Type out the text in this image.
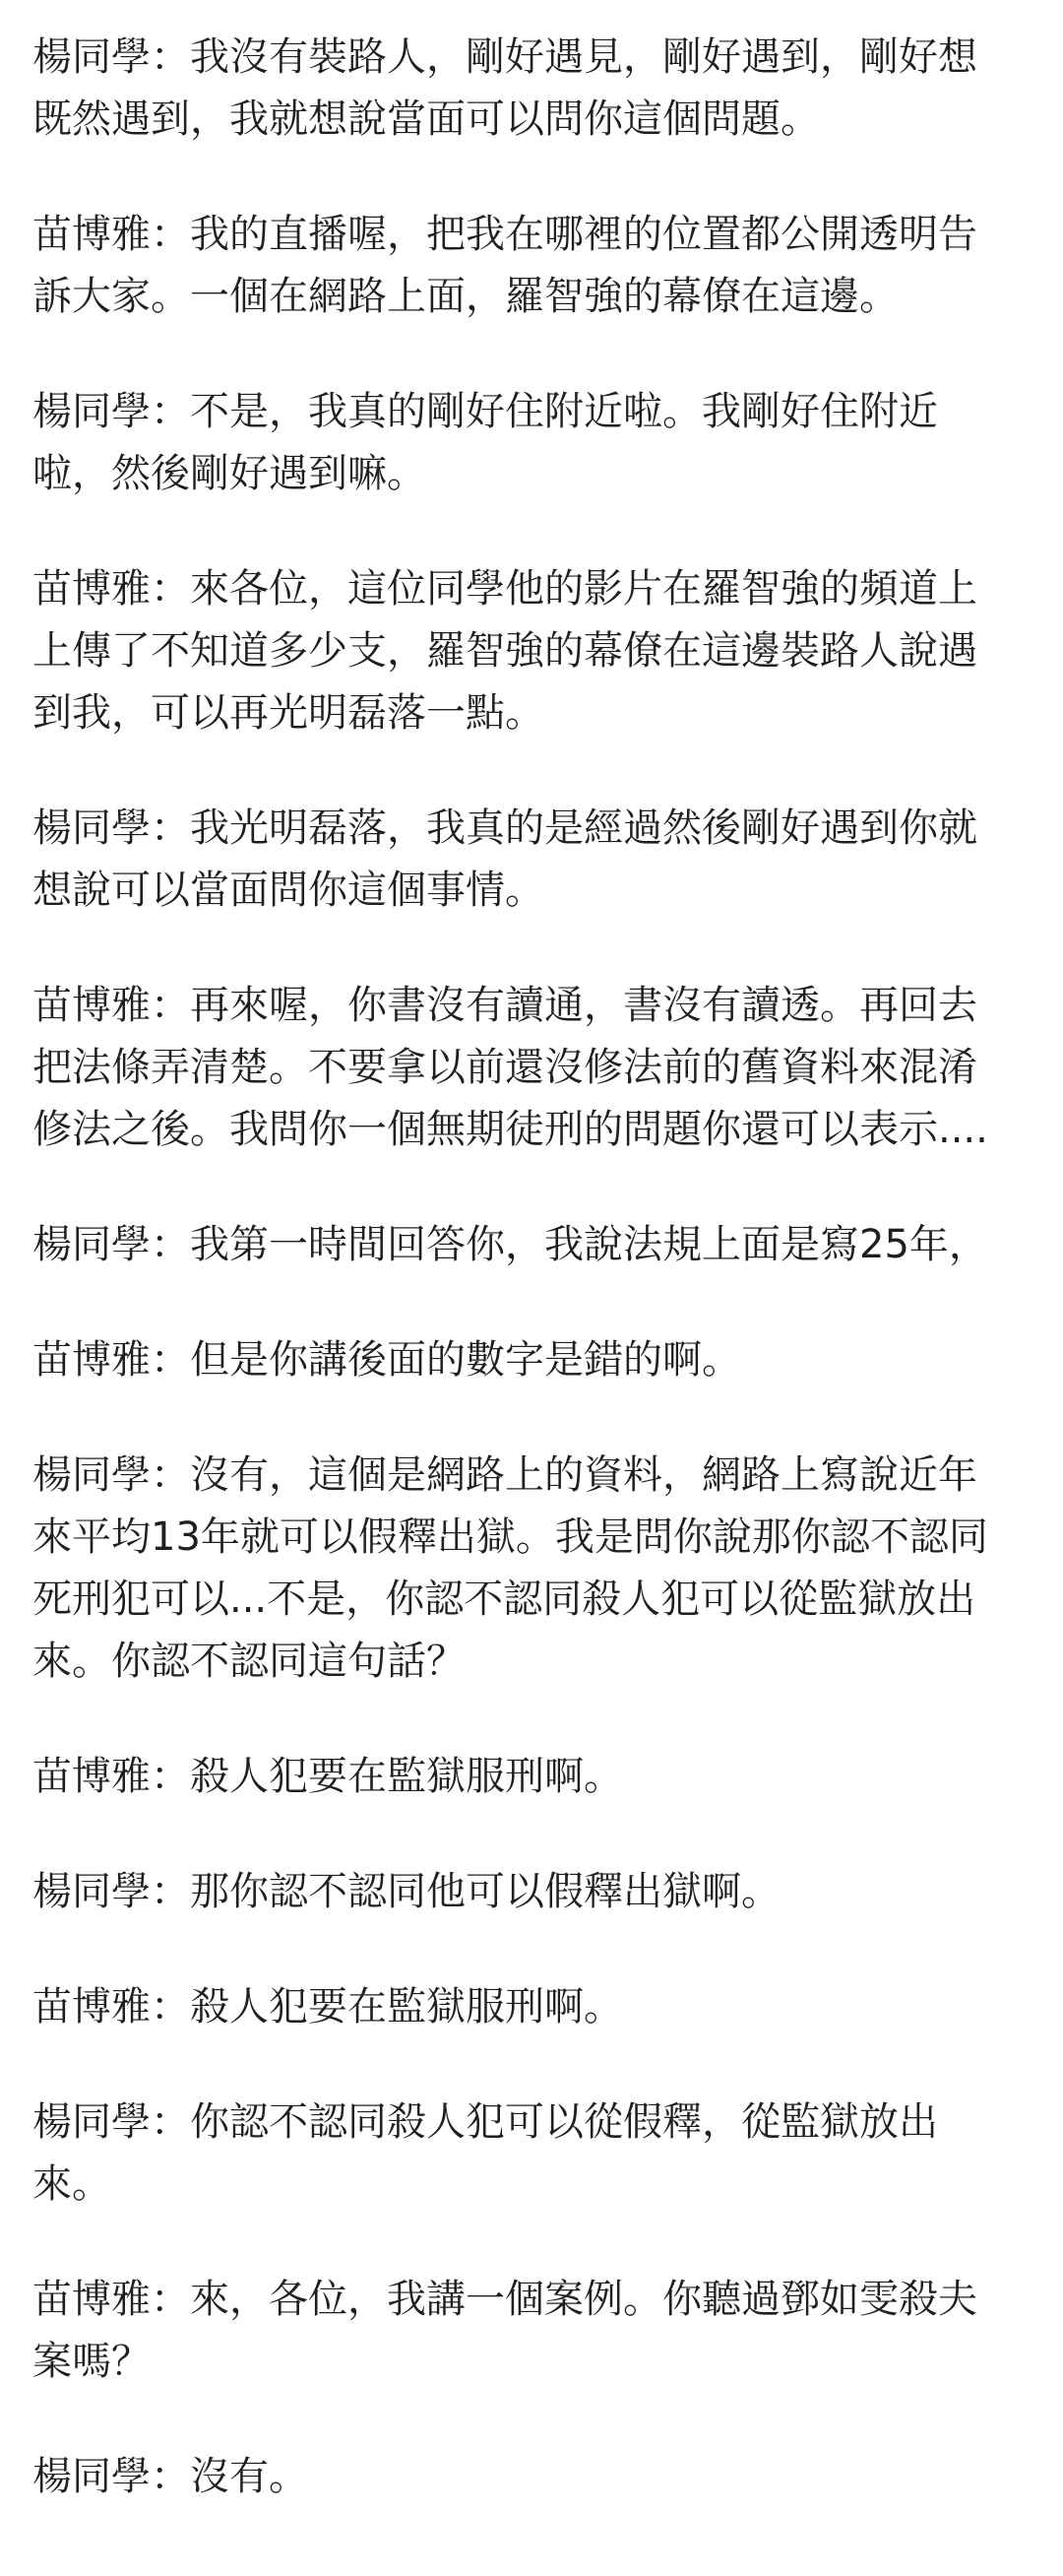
楊同學：我沒有裝路人，剛好遇見，剛好遇到，剛好想
既然遇到，我就想說當面可以問你這個問題。

苗博雅：我的直播喔，把我在哪裡的位置都公開透明告
訴大家。一個在網路上面，羅智強的幕僚在這邊。

楊同學：不是，我真的剛好住附近啦。我剛好住附近
啦，然後剛好遇到嘛。

苗博雅：來各位，這位同學他的影片在羅智強的頻道上
上傳了不知道多少支，羅智強的幕僚在這邊裝路人說遇
到我，可以再光明磊落一點。

楊同學：我光明磊落，我真的是經過然後剛好遇到你就
想說可以當面問你這個事情。

苗博雅：再來喔，你書沒有讀通，書沒有讀透。再回去
把法條弄清楚。不要拿以前還沒修法前的舊資料來混淆
修法之後。我問你一個無期徒刑的問題你還可以表示....

楊同學：我第一時間回答你，我說法規上面是寫25年，

苗博雅：但是你講後面的數字是錯的啊。

楊同學：沒有，這個是網路上的資料，網路上寫說近年
來平均13年就可以假釋出獄。我是問你說那你認不認同
死刑犯可以...不是，你認不認同殺人犯可以從監獄放出
來。你認不認同這句話？

苗博雅：殺人犯要在監獄服刑啊。

楊同學：那你認不認同他可以假釋出獄啊。

苗博雅：殺人犯要在監獄服刑啊。

楊同學：你認不認同殺人犯可以從假釋，從監獄放出
來。

苗博雅：來，各位，我講一個案例。你聽過鄧如雯殺夫
案嗎？

楊同學：沒有。
